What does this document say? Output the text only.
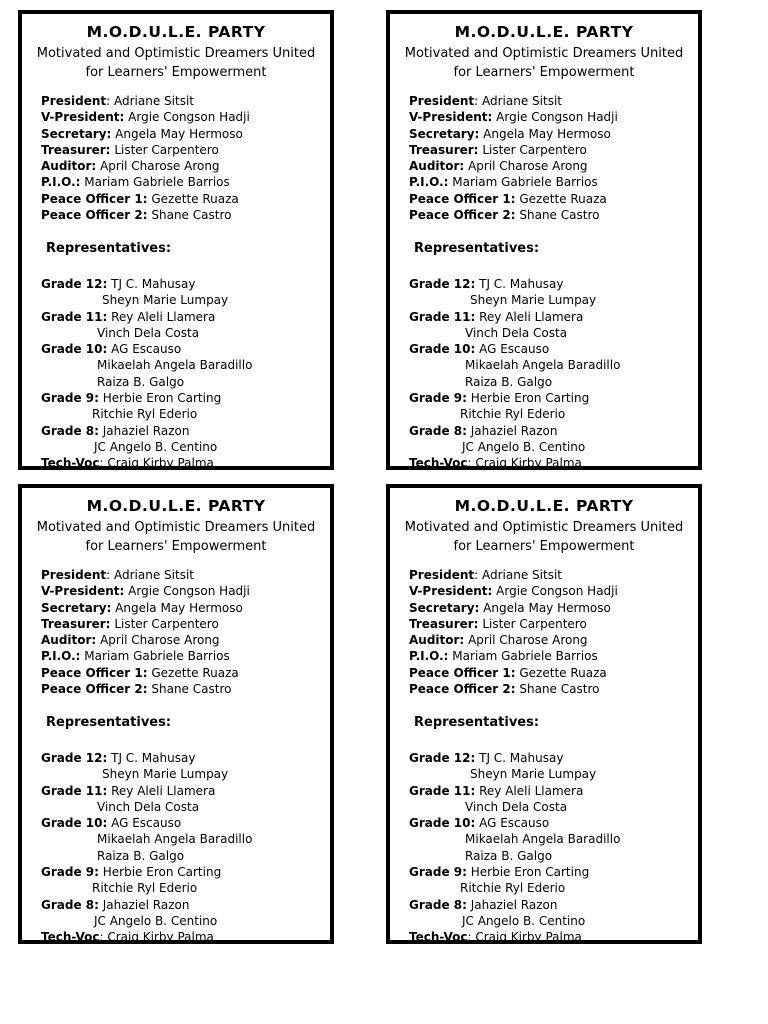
M.O.D.U.L.E. PARTY
Motivated and Optimistic Dreamers United for Learners' Empowerment
President: Adriane Sitsit
V-President: Argie Congson Hadji
Secretary: Angela May Hermoso
Treasurer: Lister Carpentero
Auditor: April Charose Arong
P.I.O.: Mariam Gabriele Barrios
Peace Officer 1: Gezette Ruaza
Peace Officer 2: Shane Castro
Representatives:
Grade 12: TJ C. Mahusay
Sheyn Marie Lumpay
Grade 11: Rey Aleli Llamera
Vinch Dela Costa
Grade 10: AG Escauso
Mikaelah Angela Baradillo
Raiza B. Galgo
Grade 9: Herbie Eron Carting
Ritchie Ryl Ederio
Grade 8: Jahaziel Razon
JC Angelo B. Centino
Tech-Voc: Craig Kirby Palma
M.O.D.U.L.E. PARTY
Motivated and Optimistic Dreamers United for Learners' Empowerment
President: Adriane Sitsit
V-President: Argie Congson Hadji
Secretary: Angela May Hermoso
Treasurer: Lister Carpentero
Auditor: April Charose Arong
P.I.O.: Mariam Gabriele Barrios
Peace Officer 1: Gezette Ruaza
Peace Officer 2: Shane Castro
Representatives:
Grade 12: TJ C. Mahusay
Sheyn Marie Lumpay
Grade 11: Rey Aleli Llamera
Vinch Dela Costa
Grade 10: AG Escauso
Mikaelah Angela Baradillo
Raiza B. Galgo
Grade 9: Herbie Eron Carting
Ritchie Ryl Ederio
Grade 8: Jahaziel Razon
JC Angelo B. Centino
Tech-Voc: Craig Kirby Palma
M.O.D.U.L.E. PARTY
Motivated and Optimistic Dreamers United for Learners' Empowerment
President: Adriane Sitsit
V-President: Argie Congson Hadji
Secretary: Angela May Hermoso
Treasurer: Lister Carpentero
Auditor: April Charose Arong
P.I.O.: Mariam Gabriele Barrios
Peace Officer 1: Gezette Ruaza
Peace Officer 2: Shane Castro
Representatives:
Grade 12: TJ C. Mahusay
Sheyn Marie Lumpay
Grade 11: Rey Aleli Llamera
Vinch Dela Costa
Grade 10: AG Escauso
Mikaelah Angela Baradillo
Raiza B. Galgo
Grade 9: Herbie Eron Carting
Ritchie Ryl Ederio
Grade 8: Jahaziel Razon
JC Angelo B. Centino
Tech-Voc: Craig Kirby Palma
M.O.D.U.L.E. PARTY
Motivated and Optimistic Dreamers United for Learners' Empowerment
President: Adriane Sitsit
V-President: Argie Congson Hadji
Secretary: Angela May Hermoso
Treasurer: Lister Carpentero
Auditor: April Charose Arong
P.I.O.: Mariam Gabriele Barrios
Peace Officer 1: Gezette Ruaza
Peace Officer 2: Shane Castro
Representatives:
Grade 12: TJ C. Mahusay
Sheyn Marie Lumpay
Grade 11: Rey Aleli Llamera
Vinch Dela Costa
Grade 10: AG Escauso
Mikaelah Angela Baradillo
Raiza B. Galgo
Grade 9: Herbie Eron Carting
Ritchie Ryl Ederio
Grade 8: Jahaziel Razon
JC Angelo B. Centino
Tech-Voc: Craig Kirby Palma
